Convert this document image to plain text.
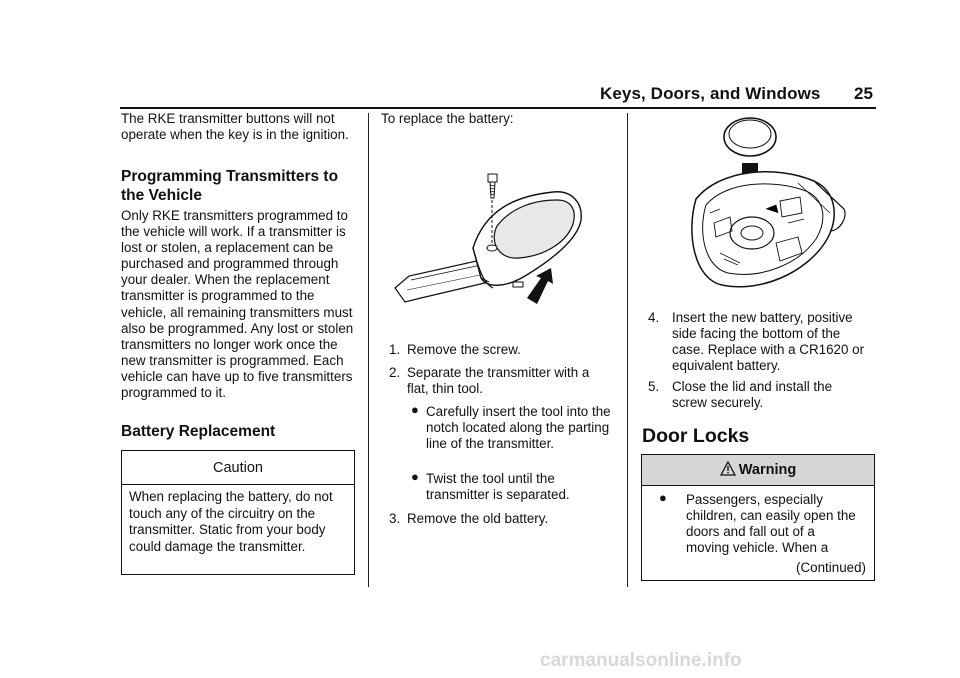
Keys, Doors, and Windows 25
The RKE transmitter buttons will not operate when the key is in the ignition.
Programming Transmitters to
the Vehicle
Only RKE transmitters programmed to the vehicle will work. If a transmitter is lost or stolen, a replacement can be purchased and programmed through your dealer. When the replacement transmitter is programmed to the vehicle, all remaining transmitters must also be programmed. Any lost or stolen transmitters no longer work once the new transmitter is programmed. Each vehicle can have up to five transmitters programmed to it.
Battery Replacement
Caution
When replacing the battery, do not touch any of the circuitry on the transmitter. Static from your body could damage the transmitter.
To replace the battery:
1. Remove the screw.
2. Separate the transmitter with a flat, thin tool.
● Carefully insert the tool into the notch located along the parting line of the transmitter.
● Twist the tool until the transmitter is separated.
3. Remove the old battery.
4. Insert the new battery, positive side facing the bottom of the case. Replace with a CR1620 or equivalent battery.
5. Close the lid and install the screw securely.
Door Locks
Warning
● Passengers, especially children, can easily open the doors and fall out of a moving vehicle. When a
(Continued)
carmanualsonline.info
